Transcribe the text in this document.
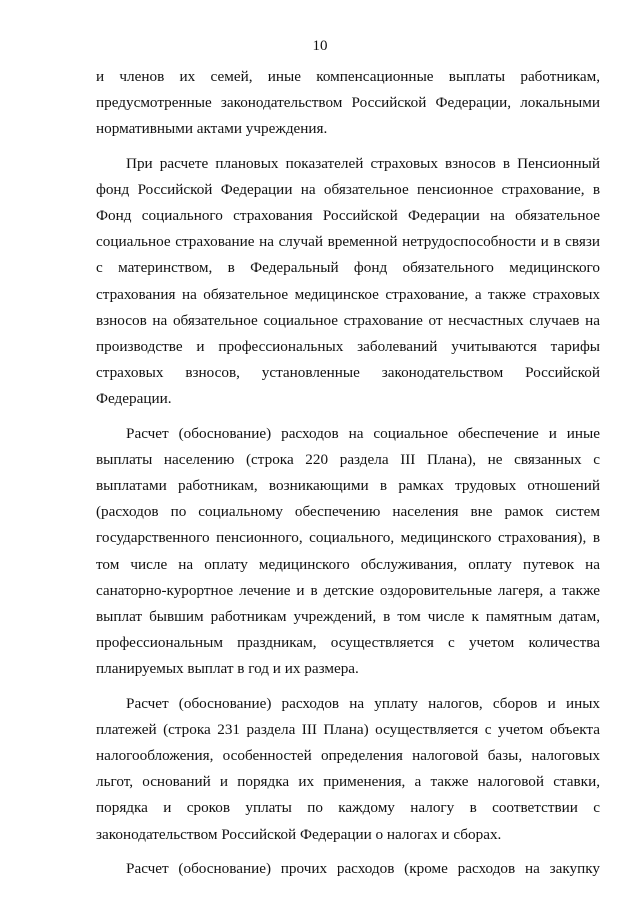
10

и членов их семей, иные компенсационные выплаты работникам, предусмотренные законодательством Российской Федерации, локальными нормативными актами учреждения.

При расчете плановых показателей страховых взносов в Пенсионный фонд Российской Федерации на обязательное пенсионное страхование, в Фонд социального страхования Российской Федерации на обязательное социальное страхование на случай временной нетрудоспособности и в связи с материнством, в Федеральный фонд обязательного медицинского страхования на обязательное медицинское страхование, а также страховых взносов на обязательное социальное страхование от несчастных случаев на производстве и профессиональных заболеваний учитываются тарифы страховых взносов, установленные законодательством Российской Федерации.

Расчет (обоснование) расходов на социальное обеспечение и иные выплаты населению (строка 220 раздела III Плана), не связанных с выплатами работникам, возникающими в рамках трудовых отношений (расходов по социальному обеспечению населения вне рамок систем государственного пенсионного, социального, медицинского страхования), в том числе на оплату медицинского обслуживания, оплату путевок на санаторно-курортное лечение и в детские оздоровительные лагеря, а также выплат бывшим работникам учреждений, в том числе к памятным датам, профессиональным праздникам, осуществляется с учетом количества планируемых выплат в год и их размера.

Расчет (обоснование) расходов на уплату налогов, сборов и иных платежей (строка 231 раздела III Плана) осуществляется с учетом объекта налогообложения, особенностей определения налоговой базы, налоговых льгот, оснований и порядка их применения, а также налоговой ставки, порядка и сроков уплаты по каждому налогу в соответствии с законодательством Российской Федерации о налогах и сборах.

Расчет (обоснование) прочих расходов (кроме расходов на закупку
